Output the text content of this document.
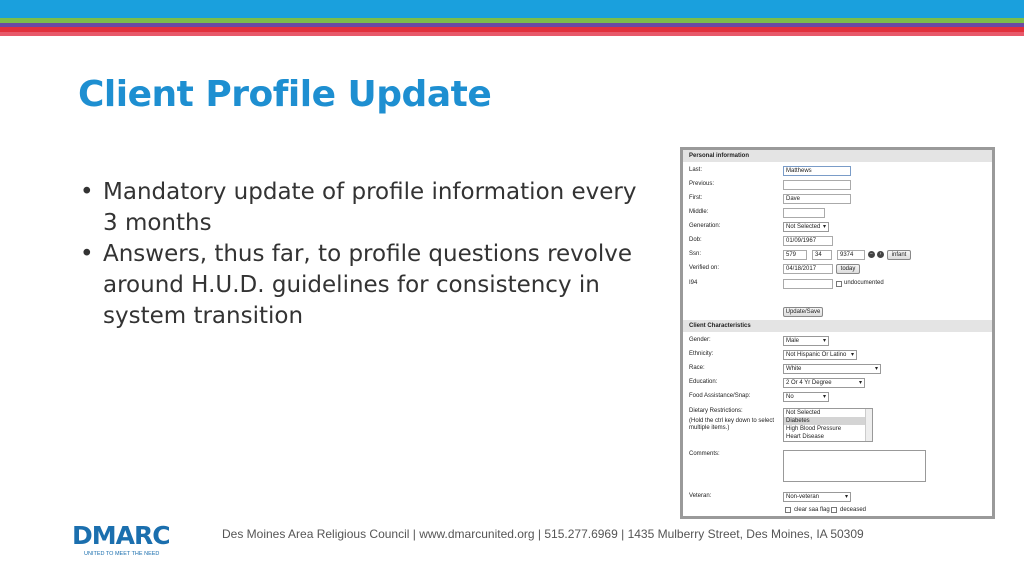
Client Profile Update
• Mandatory update of profile information every 3 months
• Answers, thus far, to profile questions revolve around H.U.D. guidelines for consistency in system transition
Personal information
Last:	Matthews
Previous:
First:	Dave
Middle:
Generation:	Not Selected ▾
Dob:	01/09/1967
Ssn:	579	34	9374	−	›	infant
Verified on:	04/18/2017	today
I94	undocumented
Update/Save
Client Characteristics
Gender:	Male ▾
Ethnicity:	Not Hispanic Or Latino ▾
Race:	White ▾
Education:	2 Or 4 Yr Degree ▾
Food Assistance/Snap:	No ▾
Dietary Restrictions:
(Hold the ctrl key down to select multiple items.)
Not Selected
Diabetes
High Blood Pressure
Heart Disease
Comments:
Veteran:	Non-veteran ▾
clear saa flag deceased
DMARC
UNITED TO MEET THE NEED
Des Moines Area Religious Council | www.dmarcunited.org | 515.277.6969 | 1435 Mulberry Street, Des Moines, IA 50309
